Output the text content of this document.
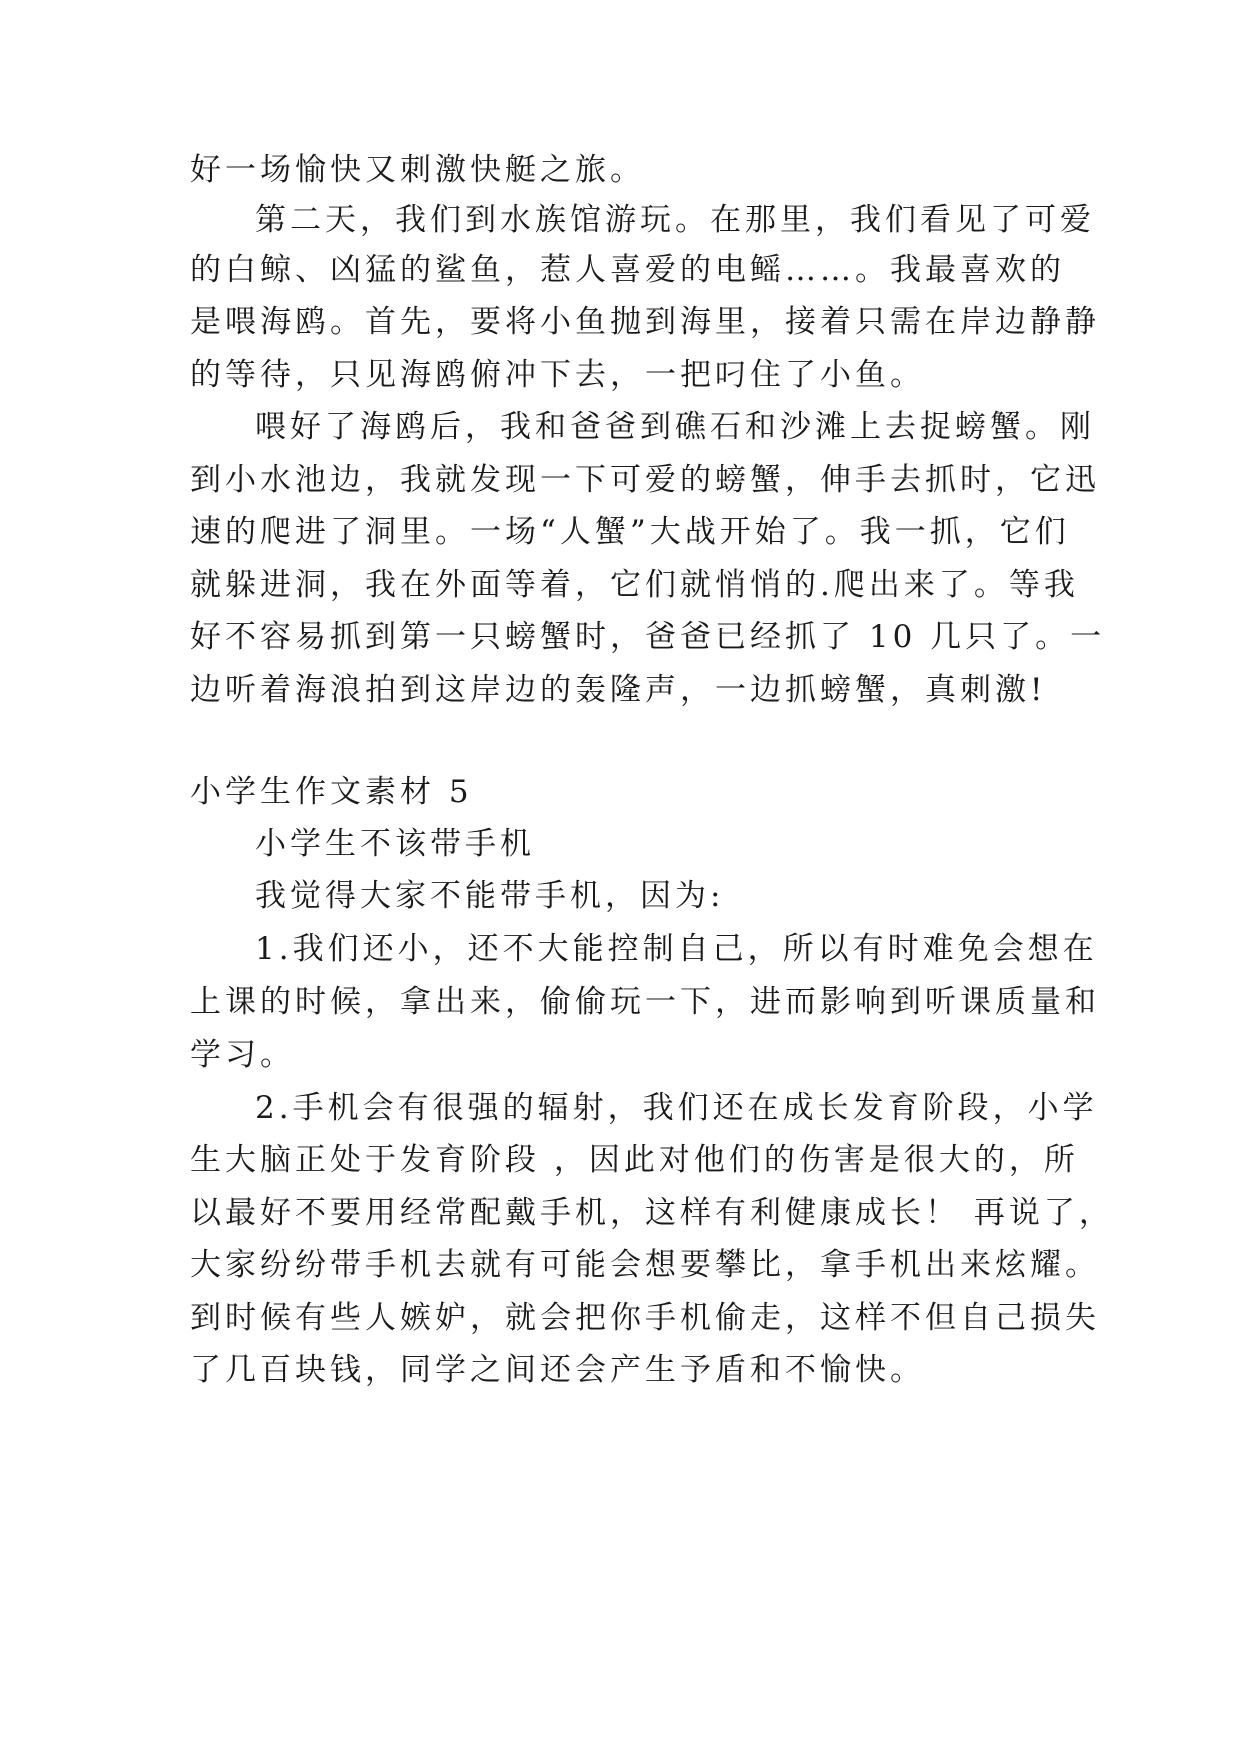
好一场愉快又刺激快艇之旅。
第二天，我们到水族馆游玩。在那里，我们看见了可爱
的白鲸、凶猛的鲨鱼，惹人喜爱的电鳐……。我最喜欢的
是喂海鸥。首先，要将小鱼抛到海里，接着只需在岸边静静
的等待，只见海鸥俯冲下去，一把叼住了小鱼。
喂好了海鸥后，我和爸爸到礁石和沙滩上去捉螃蟹。刚
到小水池边，我就发现一下可爱的螃蟹，伸手去抓时，它迅
速的爬进了洞里。一场“人蟹”大战开始了。我一抓，它们
就躲进洞，我在外面等着，它们就悄悄的.爬出来了。等我
好不容易抓到第一只螃蟹时，爸爸已经抓了 10 几只了。一
边听着海浪拍到这岸边的轰隆声，一边抓螃蟹，真刺激!
小学生作文素材 5
小学生不该带手机
我觉得大家不能带手机，因为:
1.我们还小，还不大能控制自己，所以有时难免会想在
上课的时候，拿出来，偷偷玩一下，进而影响到听课质量和
学习。
2.手机会有很强的辐射，我们还在成长发育阶段，小学
生大脑正处于发育阶段 ，因此对他们的伤害是很大的，所
以最好不要用经常配戴手机，这样有利健康成长！ 再说了，
大家纷纷带手机去就有可能会想要攀比，拿手机出来炫耀。
到时候有些人嫉妒，就会把你手机偷走，这样不但自己损失
了几百块钱，同学之间还会产生予盾和不愉快。
